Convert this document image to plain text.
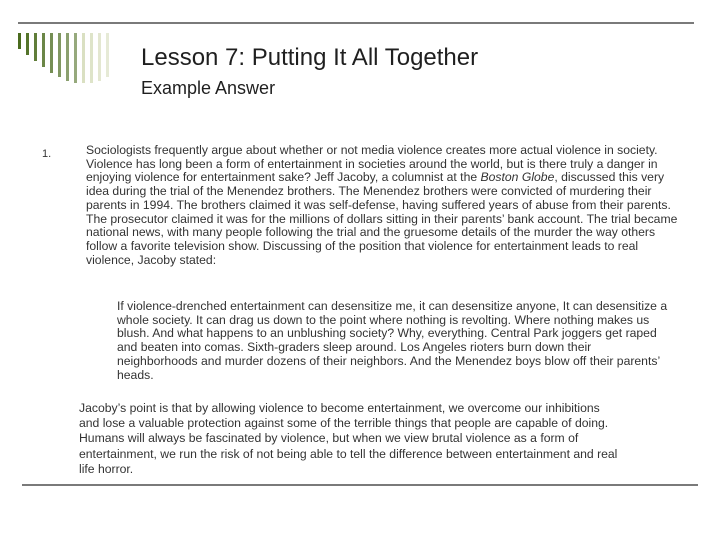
Lesson 7: Putting It All Together
Example Answer
1.	Sociologists frequently argue about whether or not media violence creates more actual violence in society. Violence has long been a form of entertainment in societies around the world, but is there truly a danger in enjoying violence for entertainment sake? Jeff Jacoby, a columnist at the Boston Globe, discussed this very idea during the trial of the Menendez brothers. The Menendez brothers were convicted of murdering their parents in 1994. The brothers claimed it was self-defense, having suffered years of abuse from their parents. The prosecutor claimed it was for the millions of dollars sitting in their parents’ bank account. The trial became national news, with many people following the trial and the gruesome details of the murder the way others follow a favorite television show. Discussing of the position that violence for entertainment leads to real violence, Jacoby stated:
If violence-drenched entertainment can desensitize me, it can desensitize anyone, It can desensitize a whole society. It can drag us down to the point where nothing is revolting. Where nothing makes us blush. And what happens to an unblushing society? Why, everything. Central Park joggers get raped and beaten into comas. Sixth-graders sleep around. Los Angeles rioters burn down their neighborhoods and murder dozens of their neighbors. And the Menendez boys blow off their parents’ heads.
Jacoby’s point is that by allowing violence to become entertainment, we overcome our inhibitions and lose a valuable protection against some of the terrible things that people are capable of doing. Humans will always be fascinated by violence, but when we view brutal violence as a form of entertainment, we run the risk of not being able to tell the difference between entertainment and real life horror.
